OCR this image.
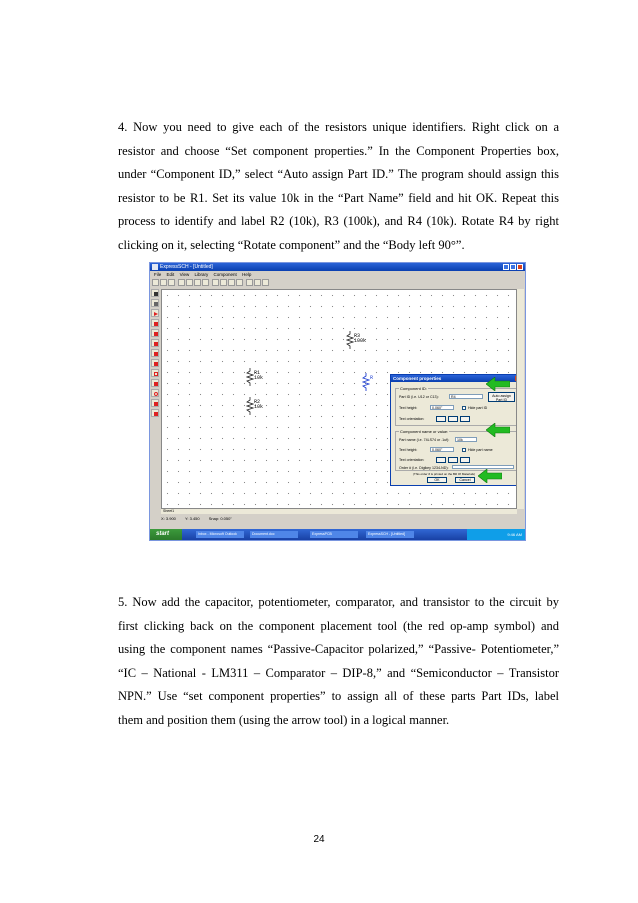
4. Now you need to give each of the resistors unique identifiers. Right click on a
resistor and choose “Set component properties.” In the Component Properties box,
under “Component ID,” select “Auto assign Part ID.” The program should assign this
resistor to be R1. Set its value 10k in the “Part Name” field and hit OK. Repeat this
process to identify and label R2 (10k), R3 (100k), and R4 (10k). Rotate R4 by right
clicking on it, selecting “Rotate component” and the “Body left 90°”.
ExpressSCH - [Untitled]
File Edit View Library Component Help
R1
10k
R2
10k
R3
100k
R	Component properties
Component ID:
Part ID (i.e. U12 or C13):	R4	Auto assign Part ID
Text height:	0.060"	Hide part ID
Text orientation:
Component name or value:
Part name (i.e. 74LS74 or .1uf):	10k
Text height:	0.060"	Hide part name
Text orientation:
Order # (i.e. Digikey 1234-ND):
(This order # is printed on the Bill Of Materials)
OK	Cancel
Sheet1
X: 3.900 Y: 3.450 Snap: 0.050"
start	Inbox - Microsoft Outlook	Document.doc	ExpressPCB	ExpressSCH - [Untitled]	9:46 AM
5. Now add the capacitor, potentiometer, comparator, and transistor to the circuit by
first clicking back on the component placement tool (the red op-amp symbol) and
using the component names “Passive-Capacitor polarized,” “Passive- Potentiometer,”
“IC – National - LM311 – Comparator – DIP-8,” and “Semiconductor – Transistor
NPN.” Use “set component properties” to assign all of these parts Part IDs, label
them and position them (using the arrow tool) in a logical manner.
24
